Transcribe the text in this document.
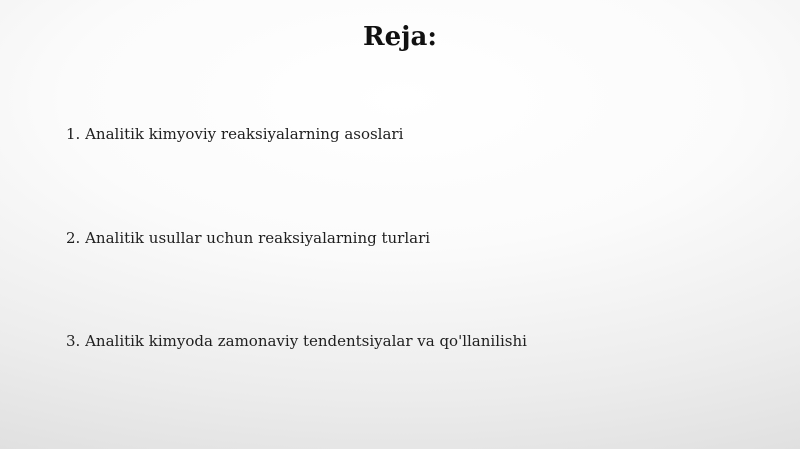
Reja:
1. Analitik kimyoviy reaksiyalarning asoslari
2. Analitik usullar uchun reaksiyalarning turlari
3. Analitik kimyoda zamonaviy tendentsiyalar va qo'llanilishi
